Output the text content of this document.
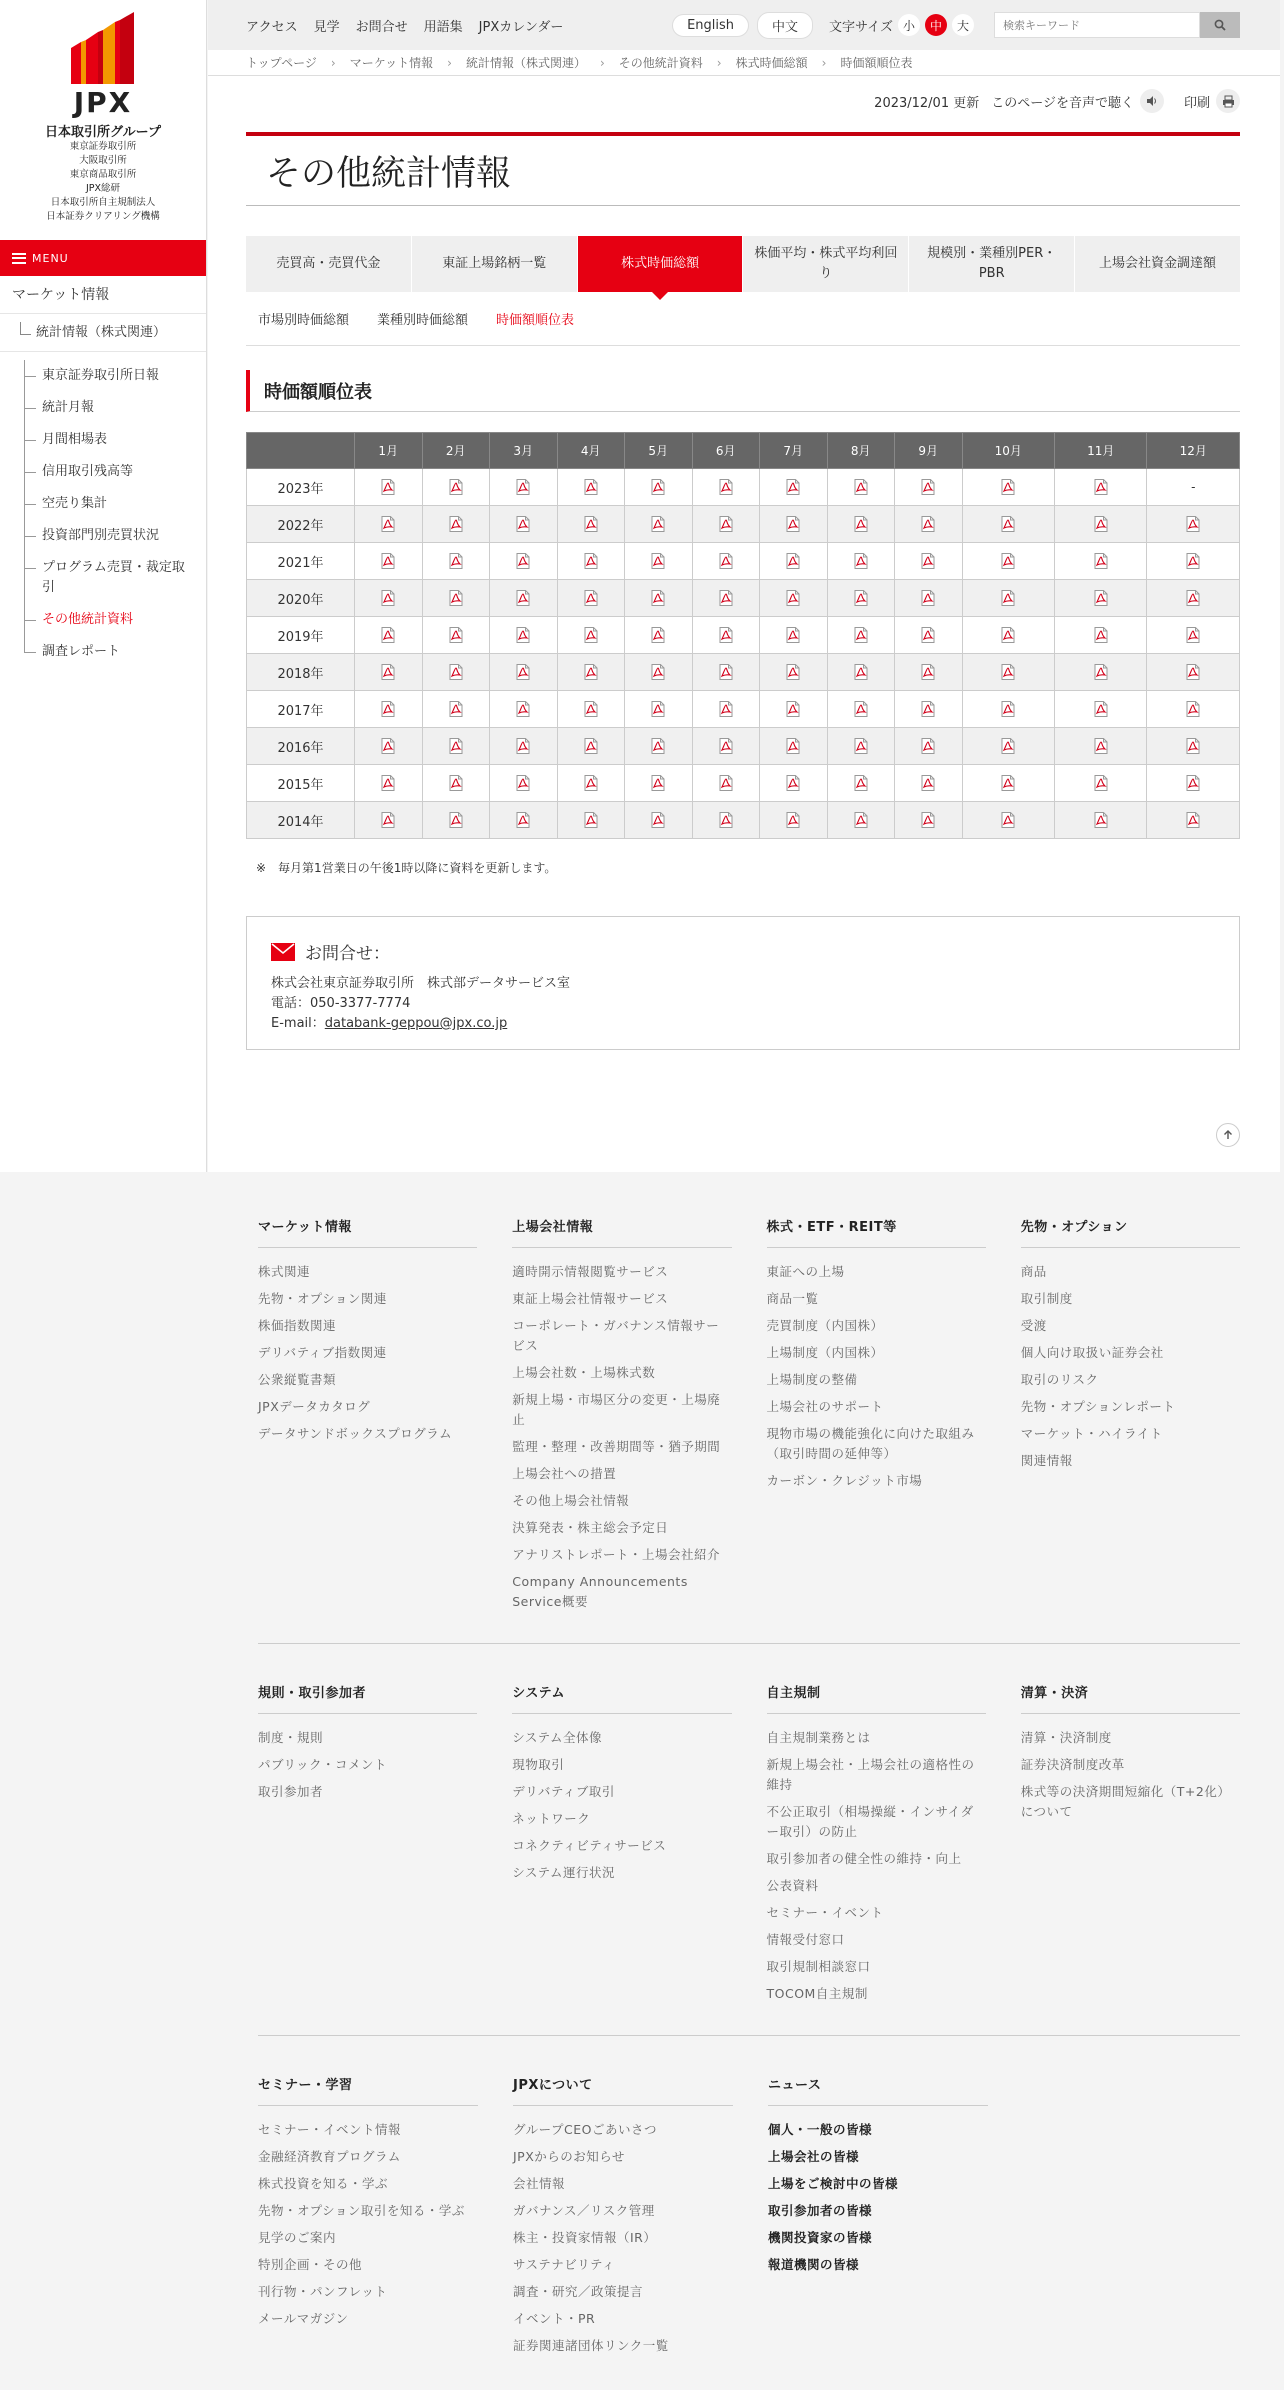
JPX
日本取引所グループ
東京証券取引所
大阪取引所
東京商品取引所
JPX総研
日本取引所自主規制法人
日本証券クリアリング機構
MENU
マーケット情報
統計情報（株式関連）
東京証券取引所日報
統計月報
月間相場表
信用取引残高等
空売り集計
投資部門別売買状況
プログラム売買・裁定取引
その他統計資料
調査レポート
アクセス 見学 お問合せ 用語集 JPXカレンダー	English	中文	文字サイズ 小	中	大
検索キーワード
トップページ › マーケット情報 › 統計情報（株式関連） › その他統計資料 › 株式時価総額 › 時価額順位表
2023/12/01 更新 このページを音声で聴く	印刷
その他統計情報
売買高・売買代金	東証上場銘柄一覧	株式時価総額
株価平均・株式平均利回り
規模別・業種別PER・PBR
上場会社資金調達額
市場別時価総額 業種別時価総額 時価額順位表
時価額順位表
	1月	2月	3月	4月	5月	6月	7月	8月	9月	10月	11月	12月
2023年												-
2022年												
2021年												
2020年												
2019年												
2018年												
2017年												
2016年												
2015年												
2014年												

※　毎月第1営業日の午後1時以降に資料を更新します。

お問合せ：

株式会社東京証券取引所　株式部データサービス室

電話：050-3377-7774

E-mail：databank-geppou@jpx.co.jp

マーケット情報
株式関連
先物・オプション関連
株価指数関連
デリバティブ指数関連
公衆縦覧書類
JPXデータカタログ
データサンドボックスプログラム
上場会社情報
適時開示情報閲覧サービス
東証上場会社情報サービス
コーポレート・ガバナンス情報サービス
上場会社数・上場株式数
新規上場・市場区分の変更・上場廃止
監理・整理・改善期間等・猶予期間
上場会社への措置
その他上場会社情報
決算発表・株主総会予定日
アナリストレポート・上場会社紹介
Company Announcements Service概要
株式・ETF・REIT等
東証への上場
商品一覧
売買制度（内国株）
上場制度（内国株）
上場制度の整備
上場会社のサポート
現物市場の機能強化に向けた取組み（取引時間の延伸等）
カーボン・クレジット市場
先物・オプション
商品
取引制度
受渡
個人向け取扱い証券会社
取引のリスク
先物・オプションレポート
マーケット・ハイライト
関連情報
規則・取引参加者
制度・規則
パブリック・コメント
取引参加者
システム
システム全体像
現物取引
デリバティブ取引
ネットワーク
コネクティビティサービス
システム運行状況
自主規制
自主規制業務とは
新規上場会社・上場会社の適格性の維持
不公正取引（相場操縦・インサイダー取引）の防止
取引参加者の健全性の維持・向上
公表資料
セミナー・イベント
情報受付窓口
取引規制相談窓口
TOCOM自主規制
清算・決済
清算・決済制度
証券決済制度改革
株式等の決済期間短縮化（T+2化）について
セミナー・学習
セミナー・イベント情報
金融経済教育プログラム
株式投資を知る・学ぶ
先物・オプション取引を知る・学ぶ
見学のご案内
特別企画・その他
刊行物・パンフレット
メールマガジン
JPXについて
グループCEOごあいさつ
JPXからのお知らせ
会社情報
ガバナンス／リスク管理
株主・投資家情報（IR）
サステナビリティ
調査・研究／政策提言
イベント・PR
証券関連諸団体リンク一覧
ニュース
個人・一般の皆様
上場会社の皆様
上場をご検討中の皆様
取引参加者の皆様
機関投資家の皆様
報道機関の皆様
